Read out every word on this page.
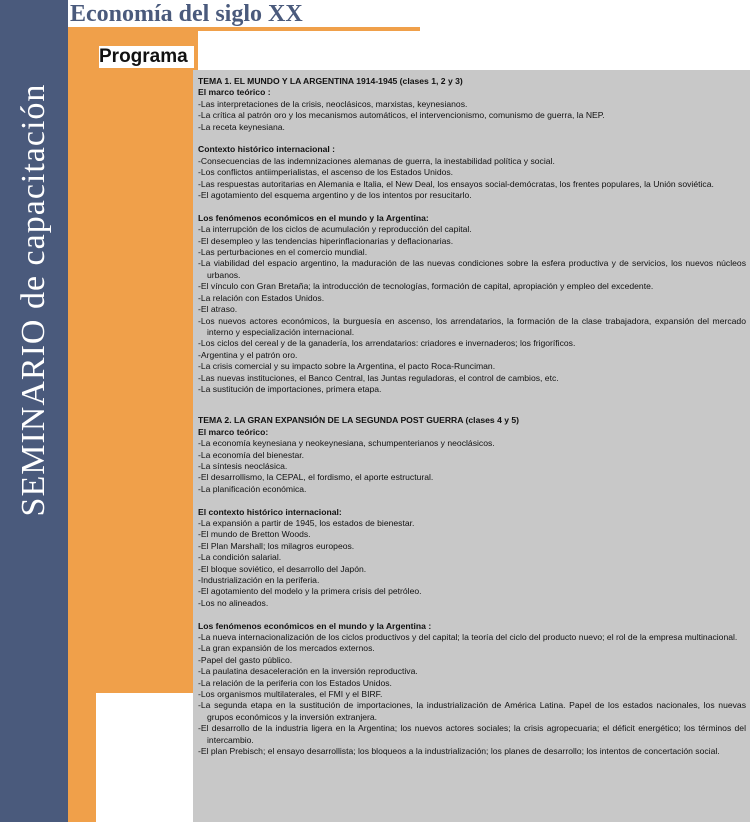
SEMINARIO de capacitación
Economía del siglo XX
Programa

TEMA 1. EL MUNDO Y LA ARGENTINA 1914-1945 (clases 1, 2 y 3)

El marco teórico :

-Las interpretaciones de la crisis, neoclásicos, marxistas, keynesianos.

-La crítica al patrón oro y los mecanismos automáticos, el intervencionismo, comunismo de guerra, la NEP.

-La receta keynesiana.

Contexto histórico internacional :

-Consecuencias de las indemnizaciones alemanas de guerra, la inestabilidad política y social.

-Los conflictos antiimperialistas, el ascenso de los Estados Unidos.

-Las respuestas autoritarias en Alemania e Italia, el New Deal, los ensayos social-demócratas, los frentes populares, la Unión soviética.

-El agotamiento del esquema argentino y de los intentos por resucitarlo.

Los fenómenos económicos en el mundo y la Argentina:

-La interrupción de los ciclos de acumulación y reproducción del capital.

-El desempleo y las tendencias hiperinflacionarias y deflacionarias.

-Las perturbaciones en el comercio mundial.

-La viabilidad del espacio argentino, la maduración de las nuevas condiciones sobre la esfera productiva y de servicios, los nuevos núcleos urbanos.

-El vínculo con Gran Bretaña; la introducción de tecnologías, formación de capital, apropiación y empleo del excedente.

-La relación con Estados Unidos.

-El atraso.

-Los nuevos actores económicos, la burguesía en ascenso, los arrendatarios, la formación de la clase trabajadora, expansión del mercado interno y especialización internacional.

-Los ciclos del cereal y de la ganadería, los arrendatarios: criadores e invernaderos; los frigoríficos.

-Argentina y el patrón oro.

-La crisis comercial y su impacto sobre la Argentina, el pacto Roca-Runciman.

-Las nuevas instituciones, el Banco Central, las Juntas reguladoras, el control de cambios, etc.

-La sustitución de importaciones, primera etapa.

TEMA 2. LA GRAN EXPANSIÓN DE LA SEGUNDA POST GUERRA (clases 4 y 5)

El marco teórico:

-La economía keynesiana y neokeynesiana, schumpenterianos y neoclásicos.

-La economía del bienestar.

-La síntesis neoclásica.

-El desarrollismo, la CEPAL, el fordismo, el aporte estructural.

-La planificación económica.

El contexto histórico internacional:

-La expansión a partir de 1945, los estados de bienestar.

-El mundo de Bretton Woods.

-El Plan Marshall; los milagros europeos.

-La condición salarial.

-El bloque soviético, el desarrollo del Japón.

-Industrialización en la periferia.

-El agotamiento del modelo y la primera crisis del petróleo.

-Los no alineados.

Los fenómenos económicos en el mundo y la Argentina :

-La nueva internacionalización de los ciclos productivos y del capital; la teoría del ciclo del producto nuevo; el rol de la empresa multinacional.

-La gran expansión de los mercados externos.

-Papel del gasto público.

-La paulatina desaceleración en la inversión reproductiva.

-La relación de la periferia con los Estados Unidos.

-Los organismos multilaterales, el FMI y el BIRF.

-La segunda etapa en la sustitución de importaciones, la industrialización de América Latina. Papel de los estados nacionales, los nuevas grupos económicos y la inversión extranjera.

-El desarrollo de la industria ligera en la Argentina; los nuevos actores sociales; la crisis agropecuaria; el déficit energético; los términos del intercambio.

-El plan Prebisch; el ensayo desarrollista; los bloqueos a la industrialización; los planes de desarrollo; los intentos de concertación social.
